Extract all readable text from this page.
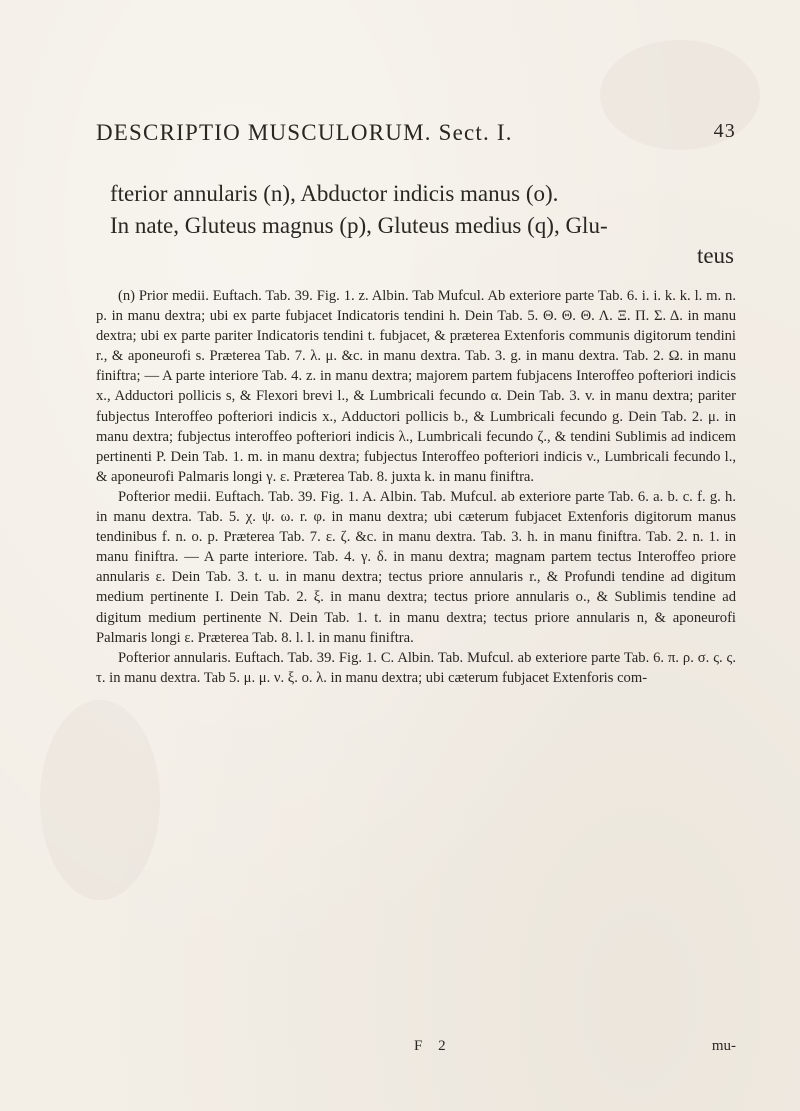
DESCRIPTIO MUSCULORUM. Sect. I.	43
fterior annularis (n), Abductor indicis manus (o).
In nate, Gluteus magnus (p), Gluteus medius (q), Glu-
teus

(n) Prior medii. Euftach. Tab. 39. Fig. 1. z. Albin. Tab Mufcul. Ab exteriore parte Tab. 6. i. i. k. k. l. m. n. p. in manu dextra; ubi ex parte fubjacet Indicatoris tendini h. Dein Tab. 5. Θ. Θ. Θ. Λ. Ξ. Π. Σ. Δ. in manu dextra; ubi ex parte pariter Indicatoris tendini t. fubjacet, & prӕterea Extenforis communis digitorum tendini r., & aponeurofi s. Prӕterea Tab. 7. λ. μ. &c. in manu dextra. Tab. 3. g. in manu dextra. Tab. 2. Ω. in manu finiftra; — A parte interiore Tab. 4. z. in manu dextra; majorem partem fubjacens Interoffeo pofteriori indicis x., Adductori pollicis s, & Flexori brevi l., & Lumbricali fecundo α. Dein Tab. 3. v. in manu dextra; pariter fubjectus Interoffeo pofteriori indicis x., Adductori pollicis b., & Lumbricali fecundo g. Dein Tab. 2. μ. in manu dextra; fubjectus interoffeo pofteriori indicis λ., Lumbricali fecundo ζ., & tendini Sublimis ad indicem pertinenti P. Dein Tab. 1. m. in manu dextra; fubjectus Interoffeo pofteriori indicis v., Lumbricali fecundo l., & aponeurofi Palmaris longi γ. ε. Prӕterea Tab. 8. juxta k. in manu finiftra.

Pofterior medii. Euftach. Tab. 39. Fig. 1. A. Albin. Tab. Mufcul. ab exteriore parte Tab. 6. a. b. c. f. g. h. in manu dextra. Tab. 5. χ. ψ. ω. r. φ. in manu dextra; ubi cӕterum fubjacet Extenforis digitorum manus tendinibus f. n. o. p. Prӕterea Tab. 7. ε. ζ. &c. in manu dextra. Tab. 3. h. in manu finiftra. Tab. 2. n. 1. in manu finiftra. — A parte interiore. Tab. 4. γ. δ. in manu dextra; magnam partem tectus Interoffeo priore annularis ε. Dein Tab. 3. t. u. in manu dextra; tectus priore annularis r., & Profundi tendine ad digitum medium pertinente I. Dein Tab. 2. ξ. in manu dextra; tectus priore annularis o., & Sublimis tendine ad digitum medium pertinente N. Dein Tab. 1. t. in manu dextra; tectus priore annularis n, & aponeurofi Palmaris longi ε. Prӕterea Tab. 8. l. l. in manu finiftra.

Pofterior annularis. Euftach. Tab. 39. Fig. 1. C. Albin. Tab. Mufcul. ab exteriore parte Tab. 6. π. ρ. σ. ς. ς. τ. in manu dextra. Tab 5. μ. μ. ν. ξ. ο. λ. in manu dextra; ubi cӕterum fubjacet Extenforis com-

F 2	mu-
